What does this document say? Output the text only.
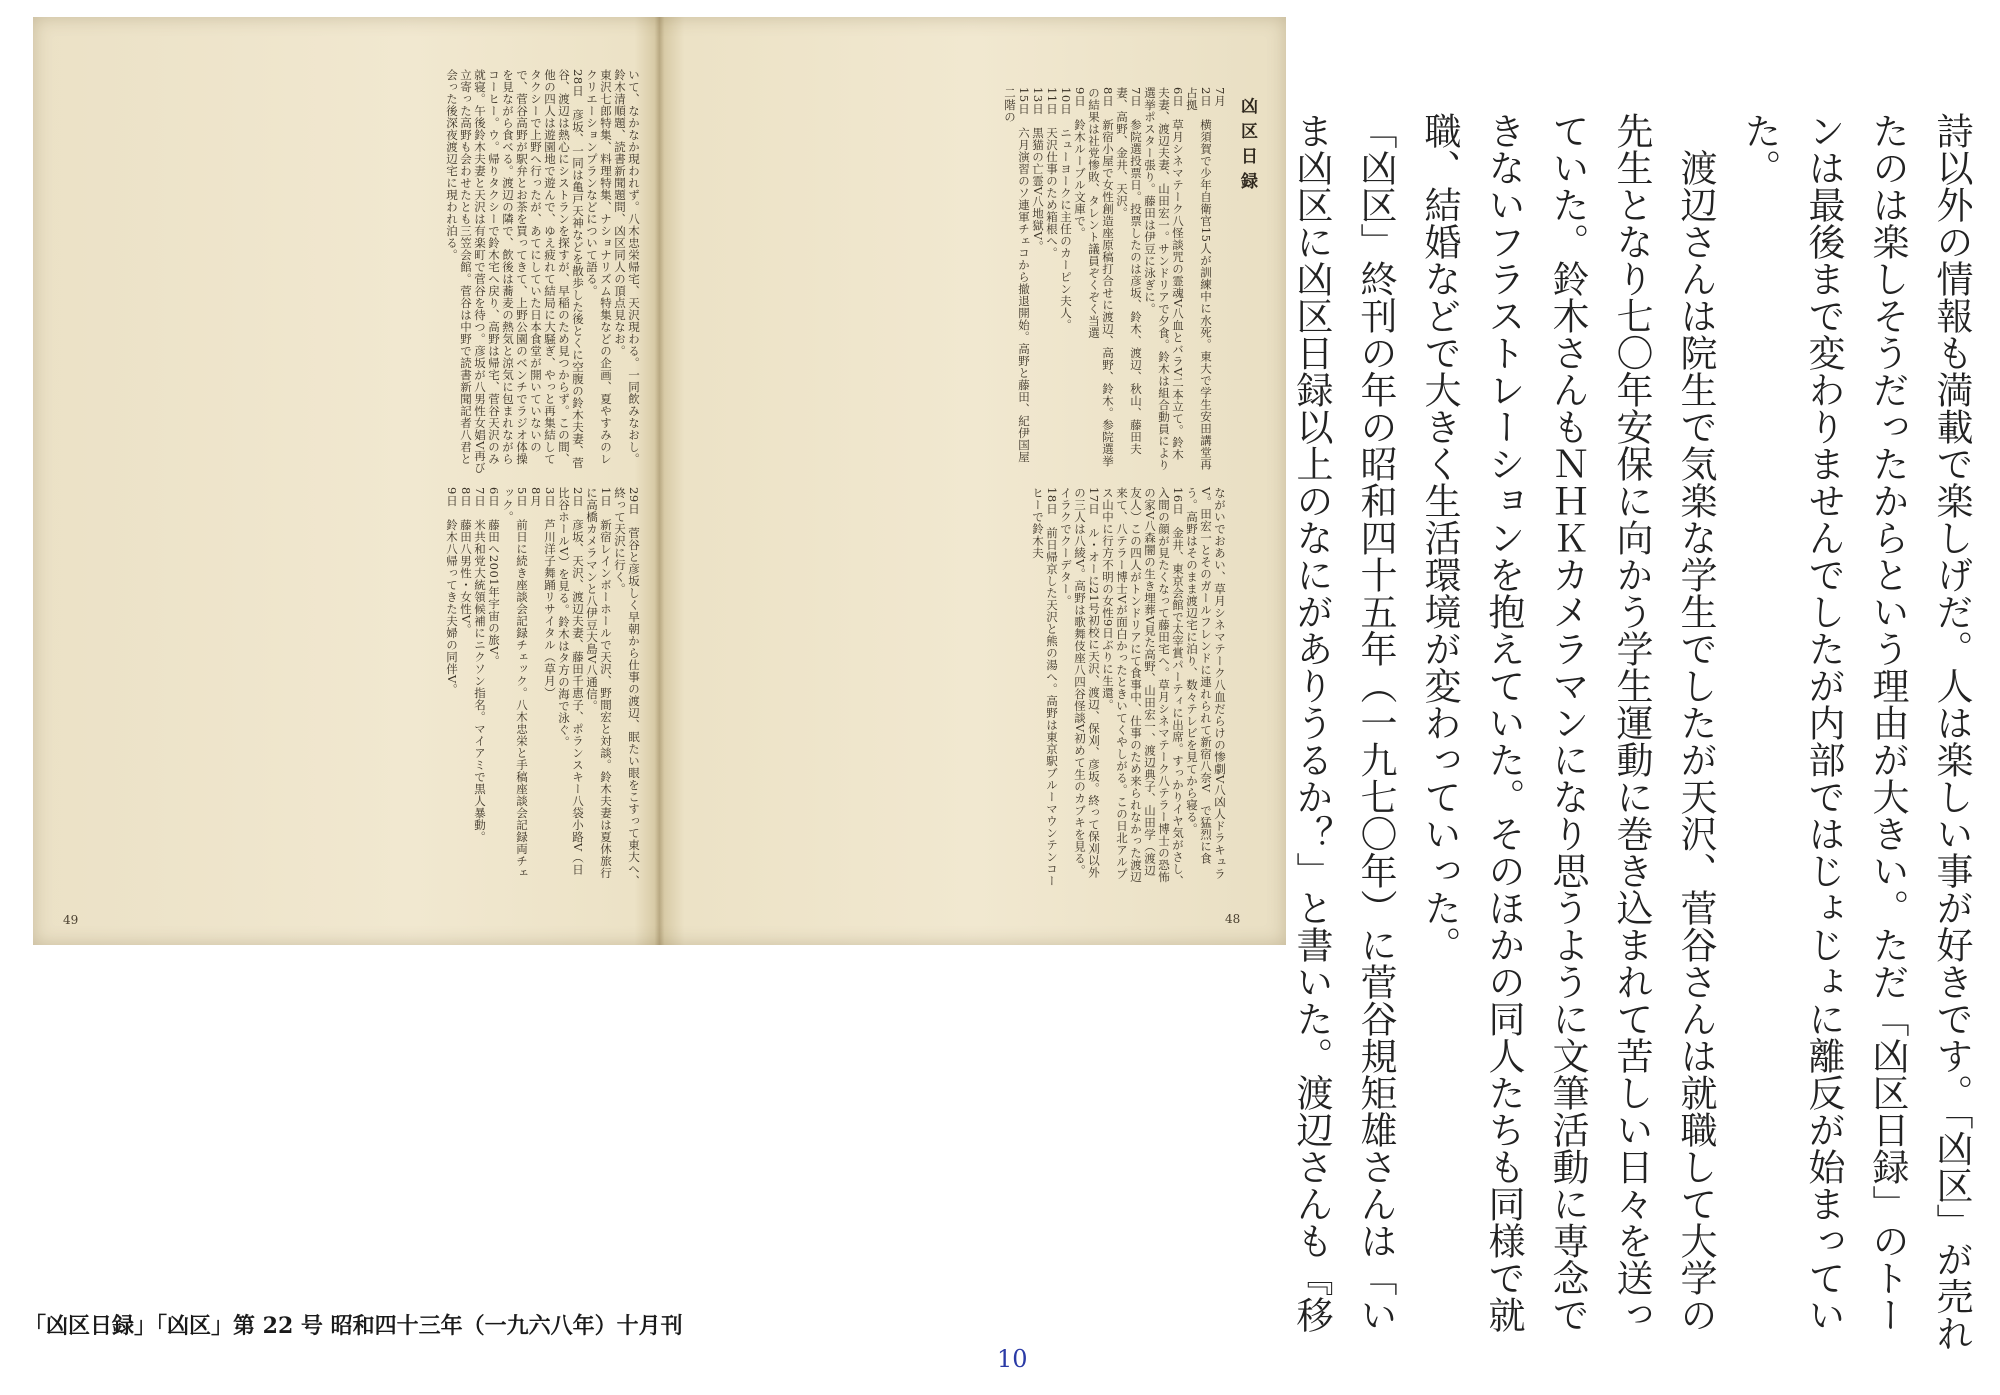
いて、なかなか現われず。八木忠栄帰宅、天沢現わる。一同飲みなおし。鈴木清順題、読書新聞題問、凶区同人の頂点見なお。
東沢七郎特集、料理特集、ナショナリズム特集などの企画、夏やすみのレクリエーションプランなどについて語る。
28日　彦坂、一同は亀戸天神などを散歩した後とくに空腹の鈴木夫妻、菅谷、渡辺は熱心にシストランを探すが、早稲のため見つからず。この間、他の四人は遊園地で遊んで、ゆえ疲れて結局に大騒ぎ、やっと再集結してタクシーで上野へ行ったが、あてにしていた日本食堂が開いていないので、菅谷高野が駅弁とお茶を買ってきて、上野公園のベンチでラジオ体操を見ながら食べる。渡辺の隣で、飲後は蕎麦の熱気と涼気に包まれながらコーヒー。ウ。帰りタクシーで鈴木宅へ戻り、高野は帰宅、菅谷天沢のみ就寝。午後鈴木夫妻と天沢は有楽町で菅谷を待つ。彦坂が八男性女娼V再び立寄った高野も会わせたとも三笠会館。菅谷は中野で読書新聞記者八君と会った後深夜渡辺宅に現われ泊る。
29日　菅谷と彦坂しく早朝から仕事の渡辺、眠たい眼をこすって東大へ、終って天沢に行く。
1日　新宿レインボーホールで天沢、野間宏と対談。鈴木夫妻は夏休旅行に高橋カメラマンと八伊豆大島V八通信。
2日　彦坂、天沢、渡辺夫妻、藤田千恵子、ポランスキー八袋小路V（日比谷ホールV）を見る。鈴木はタ方の海で泳ぐ。
3日　芦川洋子舞踊リサイタル（草月）
8月
5日　前日に続き座談会記録チェック。八木忠栄と手稿座談会記録両チェック。
6日　藤田へ2001年宇宙の旅V。
7日　米共和党大統領候補にニクソン指名。マイアミで黒人暴動。
8日　藤田八男性・女性V。
9日　鈴木八帰ってきた夫婦の同伴V。
49
凶区日録
7月
2日　横須賀で少年自衛官15人が訓練中に水死。東大で学生安田講堂再占拠
6日　草月シネマテーク八怪談咒の霊魂V八血とバラV二本立て。鈴木夫妻、渡辺夫妻、山田宏一。サンドリアで夕食。鈴木は組合動員により選挙ポスター張り。藤田は伊豆に泳ぎに。
7日　参院選投票日。投票したのは彦坂、鈴木、渡辺、秋山、藤田夫妻、高野、金井、天沢。
8日　新宿小屋で女性創造座原稿打合せに渡辺、高野、鈴木。参院選挙の結果は社党惨敗、タレント議員ぞくぞく当選
9日　鈴木ルーブル文庫で。
10日　ニューヨークに主任のカーピン夫人。
11日　天沢仕事のため箱根へ。
13日　黒猫の亡霊V八地獄V。
15日　六月演習のソ連軍チェコから撤退開始。高野と藤田、紀伊国屋二階の
ながいでおあい、草月シネマテーク八血だらけの惨劇V八凶人ドラキュラV。田宏一とそのガールフレンドに連れられて新宿八奈V　で猛烈に食う。高野はそのまま渡辺宅に泊り、数々テレビを見てから寝る。
16日　金井、東京会館で太宰賞パーティに出席。すっかりイヤ気がさし、入間の顔が見たくなって藤田宅へ。草月シネマテーク八テラー博士の恐怖の家V八森闇の生き埋葬V見た高野、山田宏一、渡辺典子、山田学（渡辺友人）この四人がトンドリアにて食事中、仕事のため来られなかった渡辺来て、八テラー博士Vが面白かったときいてくやしがる。この日北アルプス山中に行方不明の女性9日ぶりに生還。
17日　ル・オーに21号初校に天沢、渡辺、保刈、彦坂。終って保刈以外の三人は八綾V。高野は歌舞伎座八四谷怪談V初めて生のカブキを見る。イラクでクーデター。
18日　前日帰京した天沢と熊の湯へ。高野は東京駅ブルーマウンテンコーヒーで鈴木夫
48	詩以外の情報も満載で楽しげだ。人は楽しい事が好きです。「凶区」が売れたのは楽しそうだったからという理由が大きい。ただ「凶区日録」のトーンは最後まで変わりませんでしたが内部ではじょじょに離反が始まっていた。

渡辺さんは院生で気楽な学生でしたが天沢、菅谷さんは就職して大学の先生となり七〇年安保に向かう学生運動に巻き込まれて苦しい日々を送っていた。鈴木さんもＮＨＫカメラマンになり思うように文筆活動に専念できないフラストレーションを抱えていた。そのほかの同人たちも同様で就職、結婚などで大きく生活環境が変わっていった。

「凶区」終刊の年の昭和四十五年（一九七〇年）に菅谷規矩雄さんは「いま凶区に凶区日録以上のなにがありうるか？」と書いた。渡辺さんも『移

「凶区日録」「凶区」第 22 号 昭和四十三年（一九六八年）十月刊
10
